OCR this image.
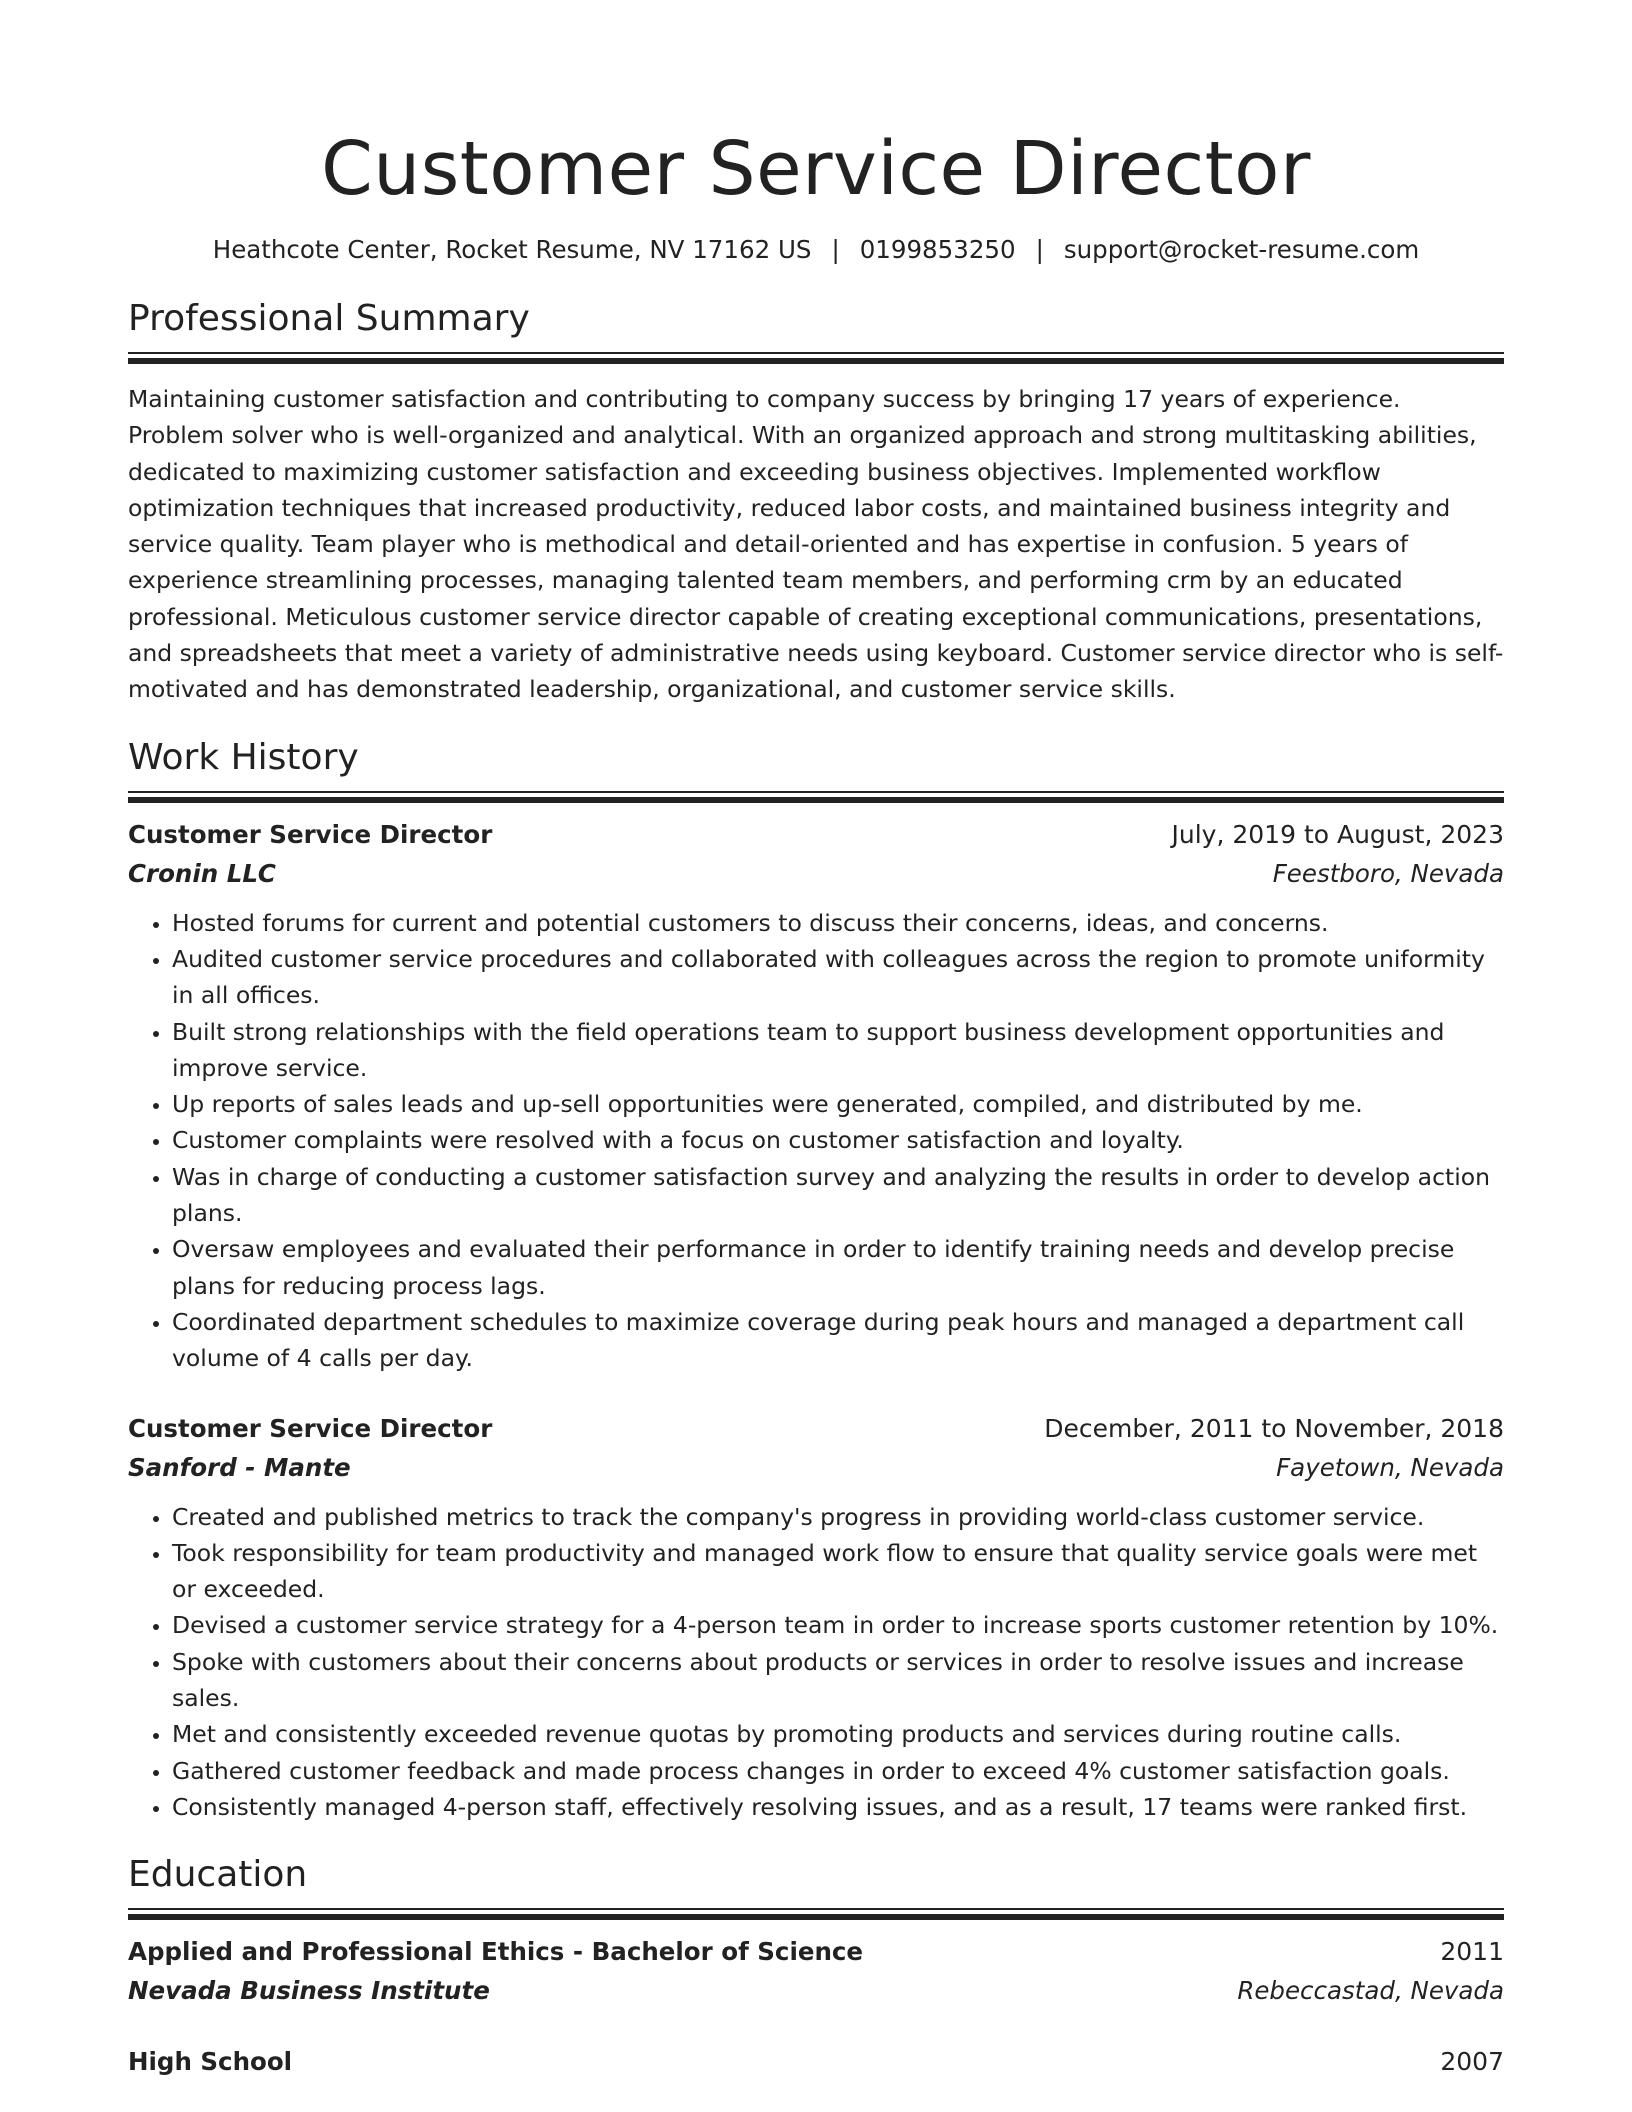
Customer Service Director
Heathcote Center, Rocket Resume, NV 17162 US | 0199853250 | support@rocket-resume.com
Professional Summary
Maintaining customer satisfaction and contributing to company success by bringing 17 years of experience. Problem solver who is well-organized and analytical. With an organized approach and strong multitasking abilities, dedicated to maximizing customer satisfaction and exceeding business objectives. Implemented workflow optimization techniques that increased productivity, reduced labor costs, and maintained business integrity and service quality. Team player who is methodical and detail-oriented and has expertise in confusion. 5 years of experience streamlining processes, managing talented team members, and performing crm by an educated professional. Meticulous customer service director capable of creating exceptional communications, presentations, and spreadsheets that meet a variety of administrative needs using keyboard. Customer service director who is self-motivated and has demonstrated leadership, organizational, and customer service skills.
Work History
Customer Service Director	July, 2019 to August, 2023
Cronin LLC	Feestboro, Nevada
• Hosted forums for current and potential customers to discuss their concerns, ideas, and concerns.
• Audited customer service procedures and collaborated with colleagues across the region to promote uniformity in all offices.
• Built strong relationships with the field operations team to support business development opportunities and improve service.
• Up reports of sales leads and up-sell opportunities were generated, compiled, and distributed by me.
• Customer complaints were resolved with a focus on customer satisfaction and loyalty.
• Was in charge of conducting a customer satisfaction survey and analyzing the results in order to develop action plans.
• Oversaw employees and evaluated their performance in order to identify training needs and develop precise plans for reducing process lags.
• Coordinated department schedules to maximize coverage during peak hours and managed a department call volume of 4 calls per day.
Customer Service Director	December, 2011 to November, 2018
Sanford - Mante	Fayetown, Nevada
• Created and published metrics to track the company's progress in providing world-class customer service.
• Took responsibility for team productivity and managed work flow to ensure that quality service goals were met or exceeded.
• Devised a customer service strategy for a 4-person team in order to increase sports customer retention by 10%.
• Spoke with customers about their concerns about products or services in order to resolve issues and increase sales.
• Met and consistently exceeded revenue quotas by promoting products and services during routine calls.
• Gathered customer feedback and made process changes in order to exceed 4% customer satisfaction goals.
• Consistently managed 4-person staff, effectively resolving issues, and as a result, 17 teams were ranked first.
Education
Applied and Professional Ethics - Bachelor of Science	2011
Nevada Business Institute	Rebeccastad, Nevada
High School	2007
